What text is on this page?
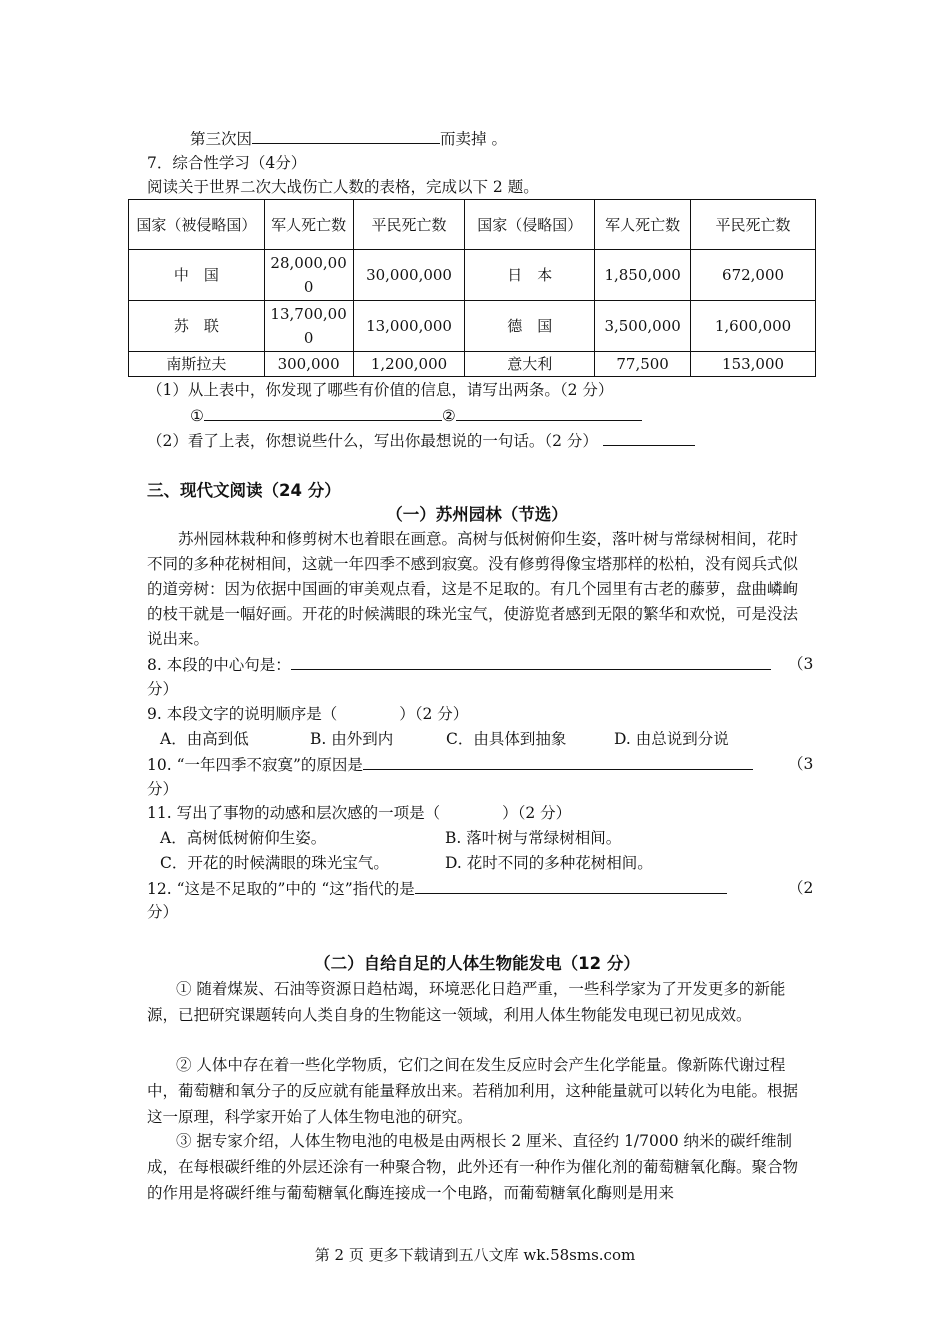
第三次因	而卖掉 。
7．综合性学习（4分）
阅读关于世界二次大战伤亡人数的表格，完成以下 2 题。
国家（被侵略国）	军人死亡数	平民死亡数	国家（侵略国）	军人死亡数	平民死亡数
中　国	28,000,000	30,000,000	日　本	1,850,000	672,000
苏　联	13,700,000	13,000,000	德　国	3,500,000	1,600,000
南斯拉夫	300,000	1,200,000	意大利	77,500	153,000
（1）从上表中，你发现了哪些有价值的信息，请写出两条。（2 分）
①	②
（2）看了上表，你想说些什么，写出你最想说的一句话。（2 分）
三、现代文阅读（24 分）
（一）苏州园林（节选）
苏州园林栽种和修剪树木也着眼在画意。高树与低树俯仰生姿，落叶树与常绿树相间，花时不同的多种花树相间，这就一年四季不感到寂寞。没有修剪得像宝塔那样的松柏，没有阅兵式似的道旁树：因为依据中国画的审美观点看，这是不足取的。有几个园里有古老的藤萝，盘曲嶙峋的枝干就是一幅好画。开花的时候满眼的珠光宝气，使游览者感到无限的繁华和欢悦，可是没法说出来。
8. 本段的中心句是：	（3
分）
9. 本段文字的说明顺序是（　　　　）（2 分）
A．由高到低	B. 由外到内	C．由具体到抽象	D. 由总说到分说
10. “一年四季不寂寞”的原因是	（3
分）
11. 写出了事物的动感和层次感的一项是（　　　　）（2 分）
A．高树低树俯仰生姿。	B. 落叶树与常绿树相间。
C．开花的时候满眼的珠光宝气。	D. 花时不同的多种花树相间。
12. “这是不足取的”中的 “这”指代的是	（2
分）
（二）自给自足的人体生物能发电（12 分）
① 随着煤炭、石油等资源日趋枯竭，环境恶化日趋严重，一些科学家为了开发更多的新能源，已把研究课题转向人类自身的生物能这一领域，利用人体生物能发电现已初见成效。
② 人体中存在着一些化学物质，它们之间在发生反应时会产生化学能量。像新陈代谢过程中，葡萄糖和氧分子的反应就有能量释放出来。若稍加利用，这种能量就可以转化为电能。根据这一原理，科学家开始了人体生物电池的研究。
③ 据专家介绍，人体生物电池的电极是由两根长 2 厘米、直径约 1/7000 纳米的碳纤维制成，在每根碳纤维的外层还涂有一种聚合物，此外还有一种作为催化剂的葡萄糖氧化酶。聚合物的作用是将碳纤维与葡萄糖氧化酶连接成一个电路，而葡萄糖氧化酶则是用来
第 2 页 更多下载请到五八文库 wk.58sms.com
